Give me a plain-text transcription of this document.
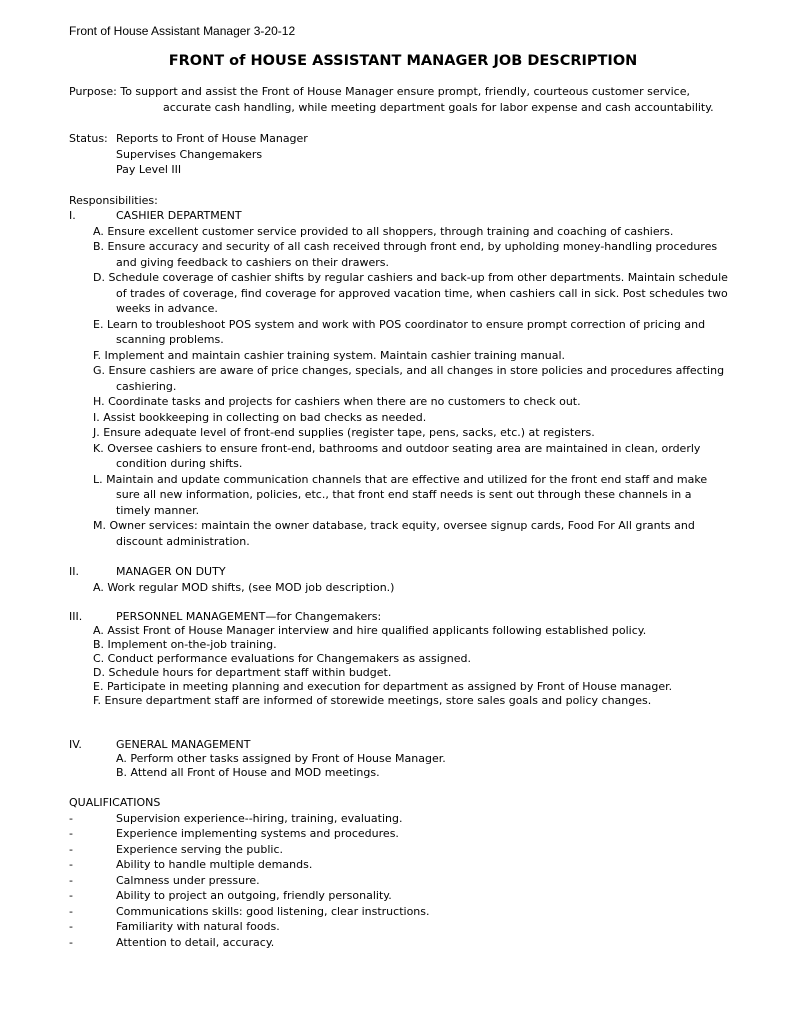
Front of House Assistant Manager 3-20-12
FRONT of HOUSE ASSISTANT MANAGER JOB DESCRIPTION
Purpose: To support and assist the Front of House Manager ensure prompt, friendly, courteous customer service, accurate cash handling, while meeting department goals for labor expense and cash accountability.
Status: Reports to Front of House Manager
Supervises Changemakers
Pay Level III
Responsibilities:
I.	CASHIER DEPARTMENT
A. Ensure excellent customer service provided to all shoppers, through training and coaching of cashiers.
B. Ensure accuracy and security of all cash received through front end, by upholding money-handling procedures and giving feedback to cashiers on their drawers.
D. Schedule coverage of cashier shifts by regular cashiers and back-up from other departments. Maintain schedule of trades of coverage, find coverage for approved vacation time, when cashiers call in sick. Post schedules two weeks in advance.
E. Learn to troubleshoot POS system and work with POS coordinator to ensure prompt correction of pricing and scanning problems.
F. Implement and maintain cashier training system. Maintain cashier training manual.
G. Ensure cashiers are aware of price changes, specials, and all changes in store policies and procedures affecting cashiering.
H. Coordinate tasks and projects for cashiers when there are no customers to check out.
I. Assist bookkeeping in collecting on bad checks as needed.
J. Ensure adequate level of front-end supplies (register tape, pens, sacks, etc.) at registers.
K. Oversee cashiers to ensure front-end, bathrooms and outdoor seating area are maintained in clean, orderly condition during shifts.
L. Maintain and update communication channels that are effective and utilized for the front end staff and make sure all new information, policies, etc., that front end staff needs is sent out through these channels in a timely manner.
M. Owner services: maintain the owner database, track equity, oversee signup cards, Food For All grants and discount administration.
II.	MANAGER ON DUTY
A. Work regular MOD shifts, (see MOD job description.)
III.	PERSONNEL MANAGEMENT—for Changemakers:
A. Assist Front of House Manager interview and hire qualified applicants following established policy.
B. Implement on-the-job training.
C. Conduct performance evaluations for Changemakers as assigned.
D. Schedule hours for department staff within budget.
E. Participate in meeting planning and execution for department as assigned by Front of House manager.
F. Ensure department staff are informed of storewide meetings, store sales goals and policy changes.
IV.	GENERAL MANAGEMENT
A. Perform other tasks assigned by Front of House Manager.
B. Attend all Front of House and MOD meetings.
QUALIFICATIONS
-	Supervision experience--hiring, training, evaluating.
-	Experience implementing systems and procedures.
-	Experience serving the public.
-	Ability to handle multiple demands.
-	Calmness under pressure.
-	Ability to project an outgoing, friendly personality.
-	Communications skills: good listening, clear instructions.
-	Familiarity with natural foods.
-	Attention to detail, accuracy.
